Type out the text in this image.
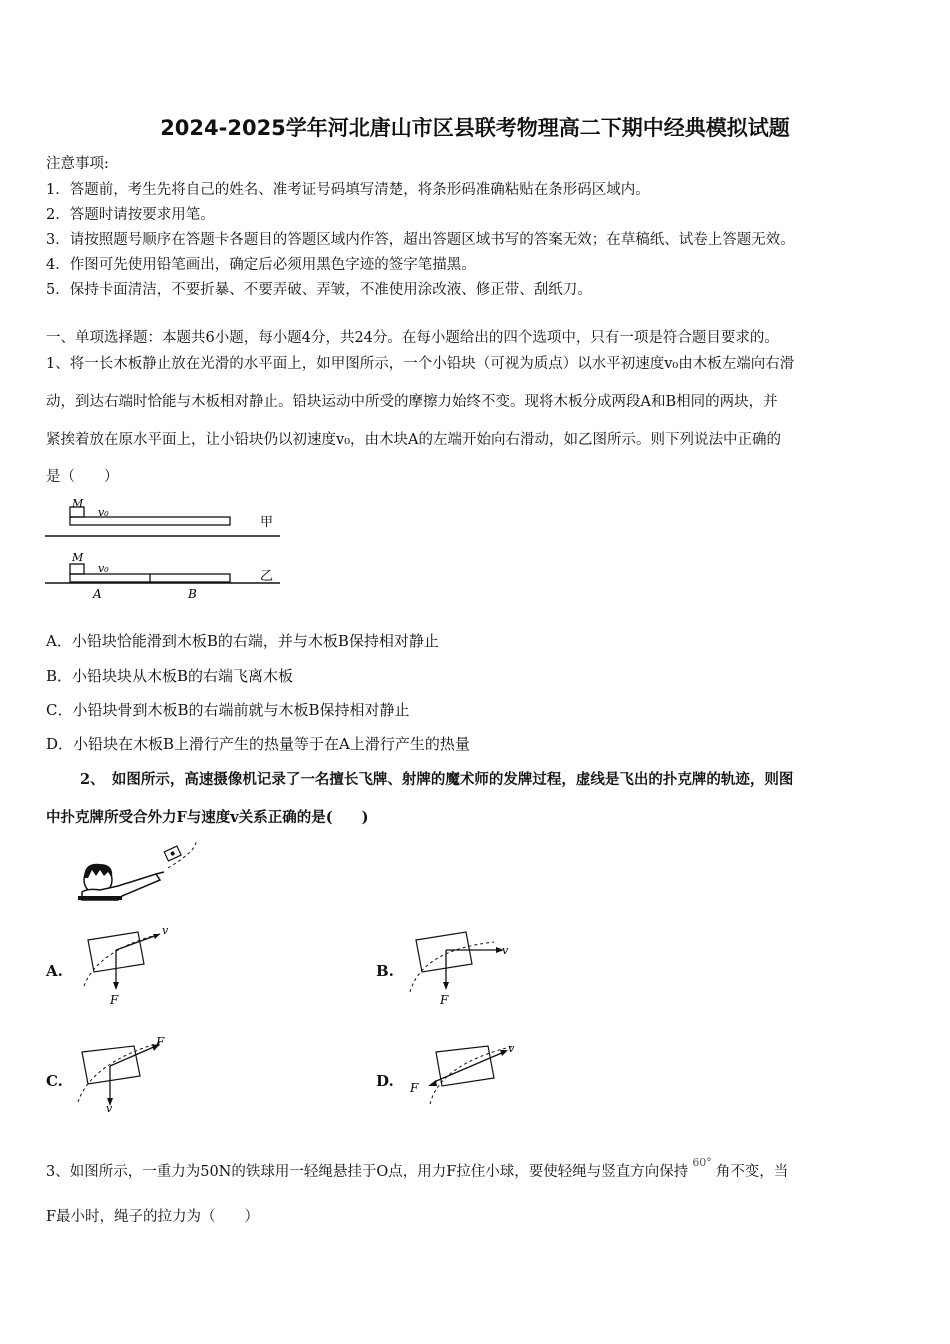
2024-2025学年河北唐山市区县联考物理高二下期中经典模拟试题
注意事项:
1．答题前，考生先将自己的姓名、准考证号码填写清楚，将条形码准确粘贴在条形码区域内。
2．答题时请按要求用笔。
3．请按照题号顺序在答题卡各题目的答题区域内作答，超出答题区域书写的答案无效；在草稿纸、试卷上答题无效。
4．作图可先使用铅笔画出，确定后必须用黑色字迹的签字笔描黑。
5．保持卡面清洁，不要折暴、不要弄破、弄皱，不准使用涂改液、修正带、刮纸刀。
一、单项选择题：本题共6小题，每小题4分，共24分。在每小题给出的四个选项中，只有一项是符合题目要求的。
1、将一长木板静止放在光滑的水平面上，如甲图所示，一个小铅块（可视为质点）以水平初速度v₀由木板左端向右滑
动，到达右端时恰能与木板相对静止。铅块运动中所受的摩擦力始终不变。现将木板分成两段A和B相同的两块，并
紧挨着放在原水平面上，让小铅块仍以初速度v₀，由木块A的左端开始向右滑动，如乙图所示。则下列说法中正确的
是（　　）
M
v₀
甲
M
v₀
乙
A	B
A．小铅块恰能滑到木板B的右端，并与木板B保持相对静止
B．小铅块块从木板B的右端飞离木板
C．小铅块骨到木板B的右端前就与木板B保持相对静止
D．小铅块在木板B上滑行产生的热量等于在A上滑行产生的热量
2、　如图所示，高速摄像机记录了一名擅长飞牌、射牌的魔术师的发牌过程，虚线是飞出的扑克牌的轨迹，则图
中扑克牌所受合外力F与速度v关系正确的是(　　)
A.
v
F
B.
v
F
C.
F
v
D.
v
F
3、如图所示，一重力为50N的铁球用一轻绳悬挂于O点，用力F拉住小球，要使轻绳与竖直方向保持$^{60^\circ}$角不变，当
F最小时，绳子的拉力为（　　）
